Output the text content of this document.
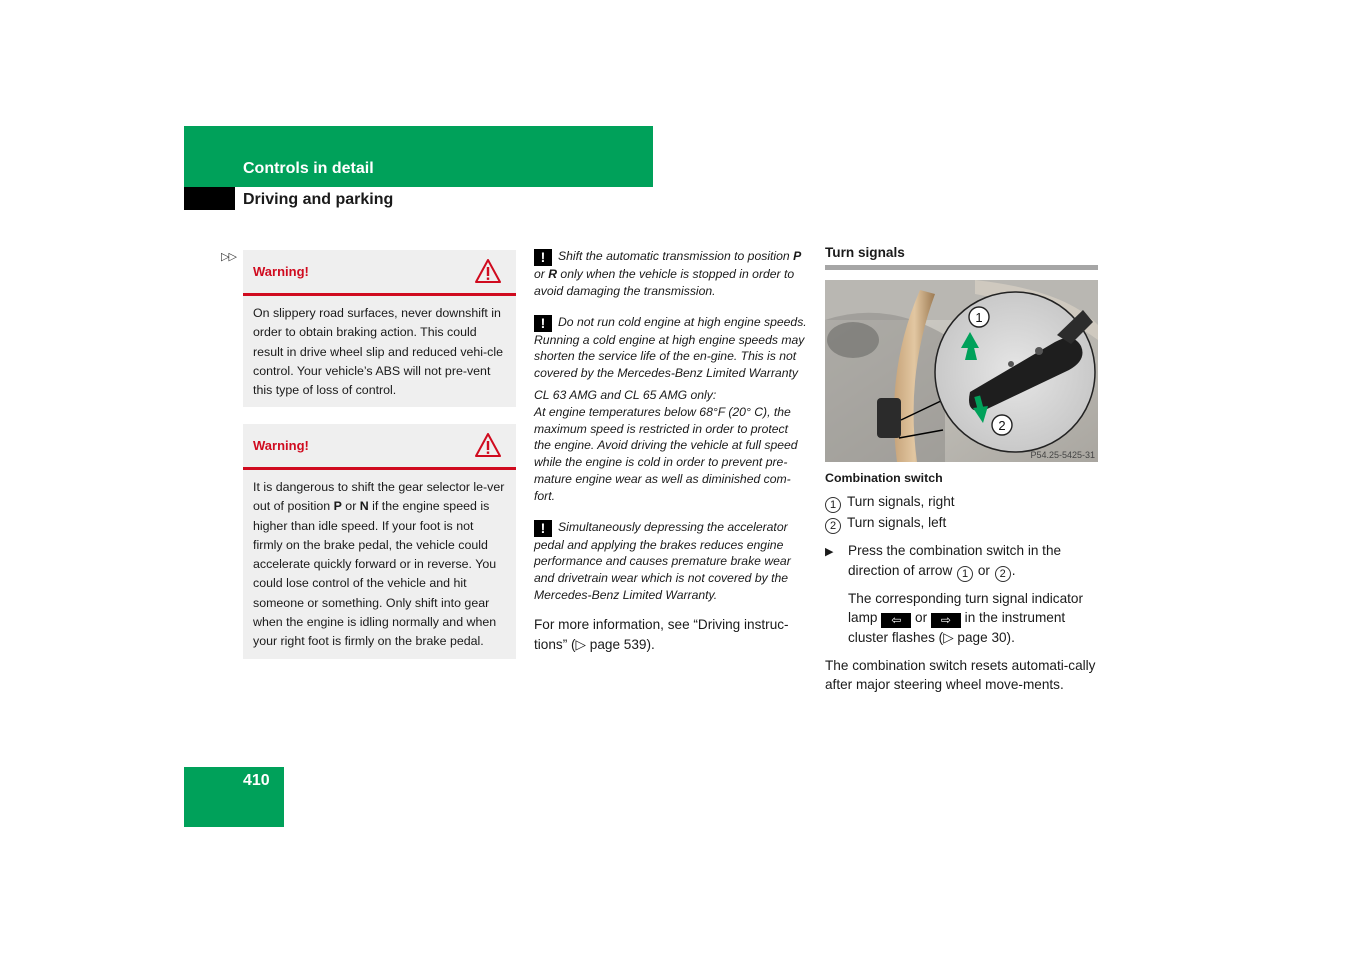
Controls in detail
Driving and parking
▷▷
Warning!
On slippery road surfaces, never downshift in order to obtain braking action. This could result in drive wheel slip and reduced vehi-cle control. Your vehicle’s ABS will not pre-vent this type of loss of control.
Warning!
It is dangerous to shift the gear selector le-ver out of position P or N if the engine speed is higher than idle speed. If your foot is not firmly on the brake pedal, the vehicle could accelerate quickly forward or in reverse. You could lose control of the vehicle and hit someone or something. Only shift into gear when the engine is idling normally and when your right foot is firmly on the brake pedal.
! Shift the automatic transmission to position P or R only when the vehicle is stopped in order to avoid damaging the transmission.
! Do not run cold engine at high engine speeds. Running a cold engine at high engine speeds may shorten the service life of the en-gine. This is not covered by the Mercedes-Benz Limited Warranty
CL 63 AMG and CL 65 AMG only:
At engine temperatures below 68°F (20° C), the maximum speed is restricted in order to protect the engine. Avoid driving the vehicle at full speed while the engine is cold in order to prevent pre-mature engine wear as well as diminished com-fort.
! Simultaneously depressing the accelerator pedal and applying the brakes reduces engine performance and causes premature brake wear and drivetrain wear which is not covered by the Mercedes-Benz Limited Warranty.
For more information, see “Driving instruc-tions” (▷ page 539).
Turn signals
1
2
P54.25-5425-31
Combination switch
1 Turn signals, right
2 Turn signals, left
▶ Press the combination switch in the direction of arrow 1 or 2 .
The corresponding turn signal indicator lamp ⇦ or ⇨ in the instrument cluster flashes (▷ page 30).
The combination switch resets automati-cally after major steering wheel move-ments.
410
